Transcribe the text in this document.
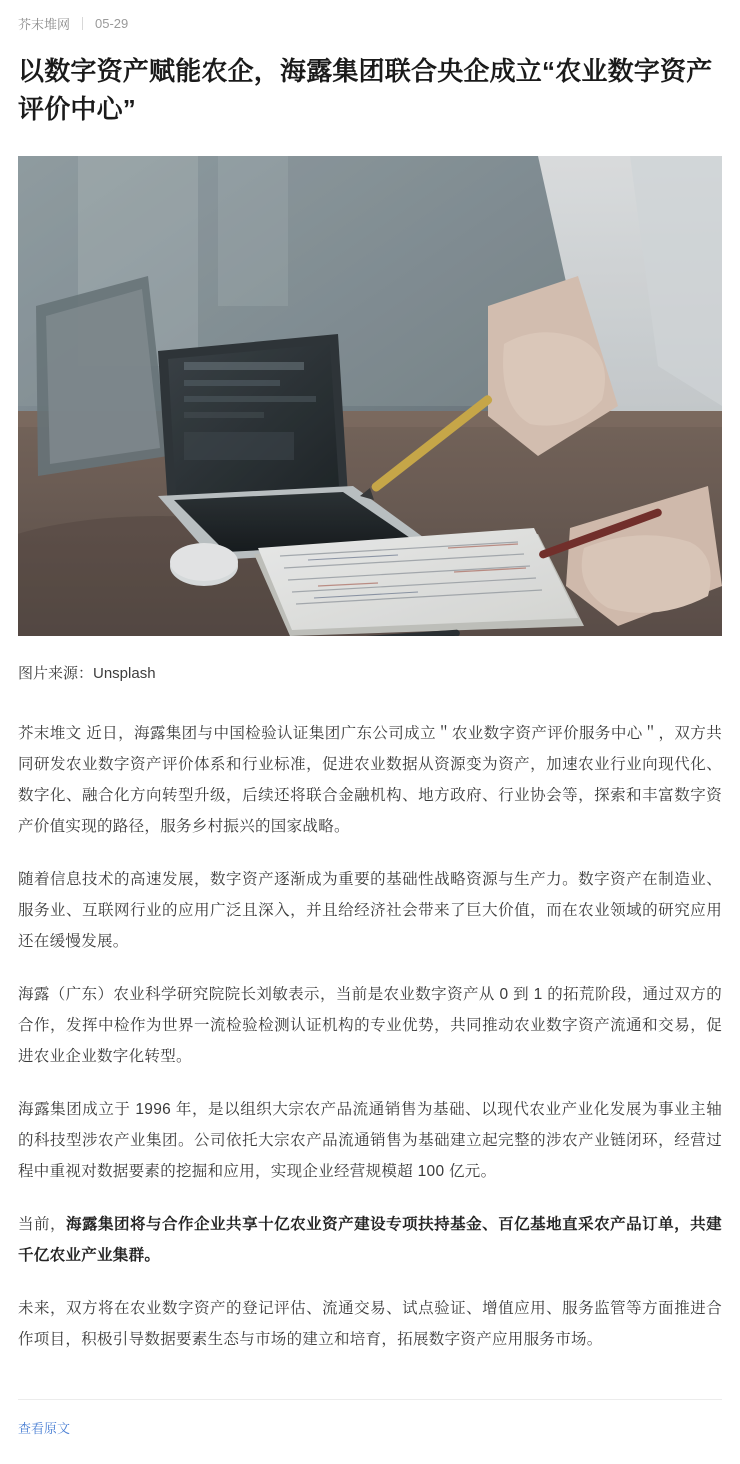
芥末堆网 05-29
以数字资产赋能农企，海露集团联合央企成立“农业数字资产评价中心”
图片来源：Unsplash

芥末堆文 近日，海露集团与中国检验认证集团广东公司成立＂农业数字资产评价服务中心＂，双方共同研发农业数字资产评价体系和行业标准，促进农业数据从资源变为资产，加速农业行业向现代化、数字化、融合化方向转型升级，后续还将联合金融机构、地方政府、行业协会等，探索和丰富数字资产价值实现的路径，服务乡村振兴的国家战略。

随着信息技术的高速发展，数字资产逐渐成为重要的基础性战略资源与生产力。数字资产在制造业、服务业、互联网行业的应用广泛且深入，并且给经济社会带来了巨大价值，而在农业领域的研究应用还在缓慢发展。

海露（广东）农业科学研究院院长刘敏表示，当前是农业数字资产从 0 到 1 的拓荒阶段，通过双方的合作，发挥中检作为世界一流检验检测认证机构的专业优势，共同推动农业数字资产流通和交易，促进农业企业数字化转型。

海露集团成立于 1996 年，是以组织大宗农产品流通销售为基础、以现代农业产业化发展为事业主轴的科技型涉农产业集团。公司依托大宗农产品流通销售为基础建立起完整的涉农产业链闭环，经营过程中重视对数据要素的挖掘和应用，实现企业经营规模超 100 亿元。

当前，海露集团将与合作企业共享十亿农业资产建设专项扶持基金、百亿基地直采农产品订单，共建千亿农业产业集群。

未来，双方将在农业数字资产的登记评估、流通交易、试点验证、增值应用、服务监管等方面推进合作项目，积极引导数据要素生态与市场的建立和培育，拓展数字资产应用服务市场。

查看原文
